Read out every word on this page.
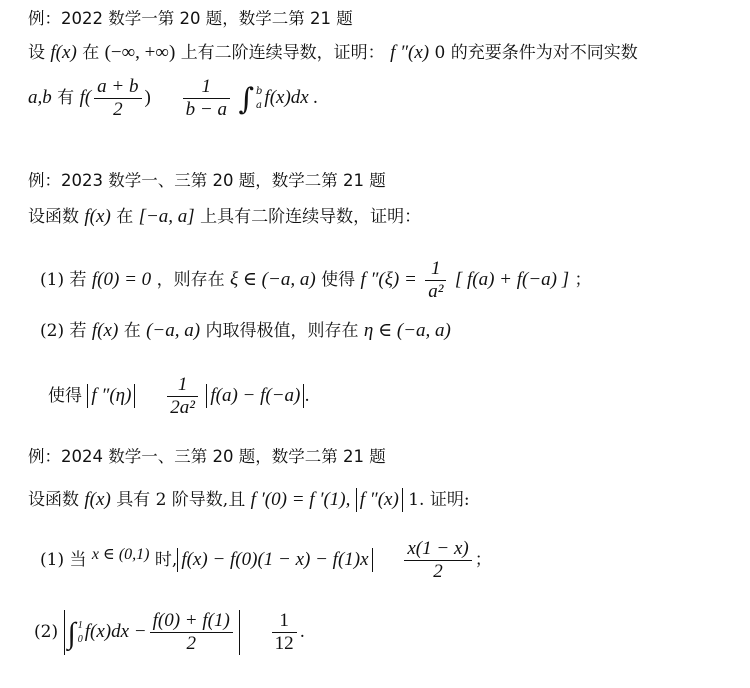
例：2022 数学一第 20 题，数学二第 21 题
设 f(x) 在 (−∞, +∞) 上有二阶连续导数，证明： f ″(x) 0 的充要条件为对不同实数
a,b 有 $f( \frac{a + b}{2}$ ) $\frac{1}{b - a}$ ∫ b
a f(x)dx .
例：2023 数学一、三第 20 题，数学二第 21 题
设函数 f(x) 在 [−a, a] 上具有二阶连续导数，证明：
(1) 若 f(0) = 0 ，则存在 ξ ∈ (−a, a) 使得 f $''(\xi) = \frac{1}{\text{a²}}$ [ f(a) + f(−a) ] ；
(2) 若 f(x) 在 (−a, a) 内取得极值，则存在 η ∈ (−a, a)
使得 f $''(\eta) \frac{1}{\text{2a²}} f(a) - f(-a)$ .
例：2024 数学一、三第 20 题，数学二第 21 题
设函数 f(x) 具有 2 阶导数,且 f ′(0) = f ′(1), f ″(x) 1. 证明:
(1) 当 x ∈ (0,1) 时, $f(x) - f(0)(1 - x) - f(1)x \frac{x(1 - x)}{2}$ ；
(2) ∫ 1
0 $f(x)dx - \frac{f(0) + f(1)}{2}$
$\frac{1}{12}$ .
